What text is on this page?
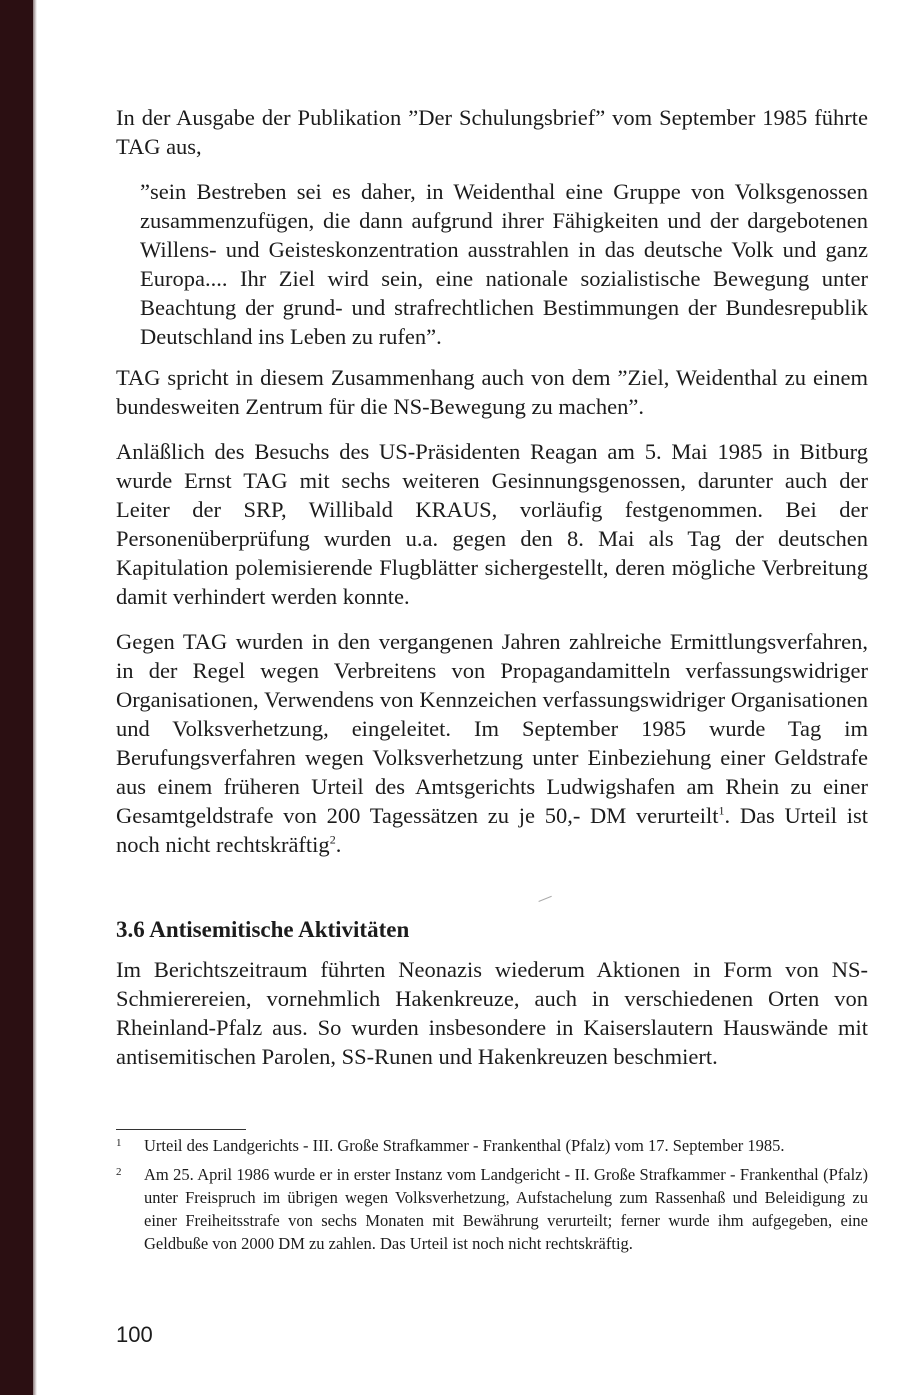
In der Ausgabe der Publikation ”Der Schulungsbrief” vom September 1985 führte TAG aus,

”sein Bestreben sei es daher, in Weidenthal eine Gruppe von Volksgenossen zusammenzufügen, die dann aufgrund ihrer Fähigkeiten und der dargebotenen Willens- und Geisteskonzentration ausstrahlen in das deutsche Volk und ganz Europa.... Ihr Ziel wird sein, eine nationale sozialistische Bewegung unter Beachtung der grund- und strafrechtlichen Bestimmungen der Bundesrepublik Deutschland ins Leben zu rufen”.

TAG spricht in diesem Zusammenhang auch von dem ”Ziel, Weidenthal zu einem bundesweiten Zentrum für die NS-Bewegung zu machen”.

Anläßlich des Besuchs des US-Präsidenten Reagan am 5. Mai 1985 in Bitburg wurde Ernst TAG mit sechs weiteren Gesinnungsgenossen, darunter auch der Leiter der SRP, Willibald KRAUS, vorläufig festgenommen. Bei der Personenüberprüfung wurden u.a. gegen den 8. Mai als Tag der deutschen Kapitulation polemisierende Flugblätter sichergestellt, deren mögliche Verbreitung damit verhindert werden konnte.

Gegen TAG wurden in den vergangenen Jahren zahlreiche Ermittlungsverfahren, in der Regel wegen Verbreitens von Propagandamitteln verfassungswidriger Organisationen, Verwendens von Kennzeichen verfassungswidriger Organisationen und Volksverhetzung, eingeleitet. Im September 1985 wurde Tag im Berufungsverfahren wegen Volksverhetzung unter Einbeziehung einer Geldstrafe aus einem früheren Urteil des Amtsgerichts Ludwigshafen am Rhein zu einer Gesamtgeldstrafe von 200 Tagessätzen zu je 50,- DM verurteilt$^1$. Das Urteil ist noch nicht rechtskräftig$^2$.

3.6 Antisemitische Aktivitäten

Im Berichtszeitraum führten Neonazis wiederum Aktionen in Form von NS-Schmierereien, vornehmlich Hakenkreuze, auch in verschiedenen Orten von Rheinland-Pfalz aus. So wurden insbesondere in Kaiserslautern Hauswände mit antisemitischen Parolen, SS-Runen und Hakenkreuzen beschmiert.

1	Urteil des Landgerichts - III. Große Strafkammer - Frankenthal (Pfalz) vom 17. September 1985.
2	Am 25. April 1986 wurde er in erster Instanz vom Landgericht - II. Große Strafkammer - Frankenthal (Pfalz) unter Freispruch im übrigen wegen Volksverhetzung, Aufstachelung zum Rassenhaß und Beleidigung zu einer Freiheitsstrafe von sechs Monaten mit Bewährung verurteilt; ferner wurde ihm aufgegeben, eine Geldbuße von 2000 DM zu zahlen. Das Urteil ist noch nicht rechtskräftig.
100
